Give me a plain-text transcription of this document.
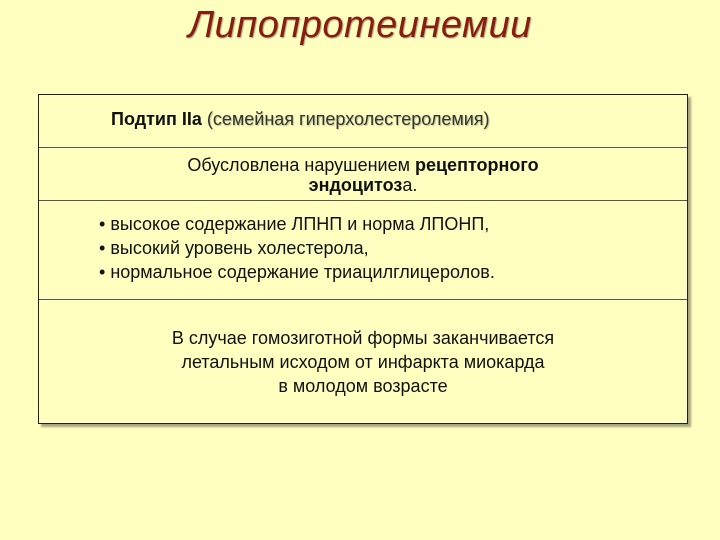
Липопротеинемии
Подтип IIa (семейная гиперхолестеролемия)
Обусловлена нарушением рецепторного
эндоцитоза.
• высокое содержание ЛПНП и норма ЛПОНП,
• высокий уровень холестерола,
• нормальное содержание триацилглицеролов.
В случае гомозиготной формы заканчивается
летальным исходом от инфаркта миокарда
в молодом возрасте
